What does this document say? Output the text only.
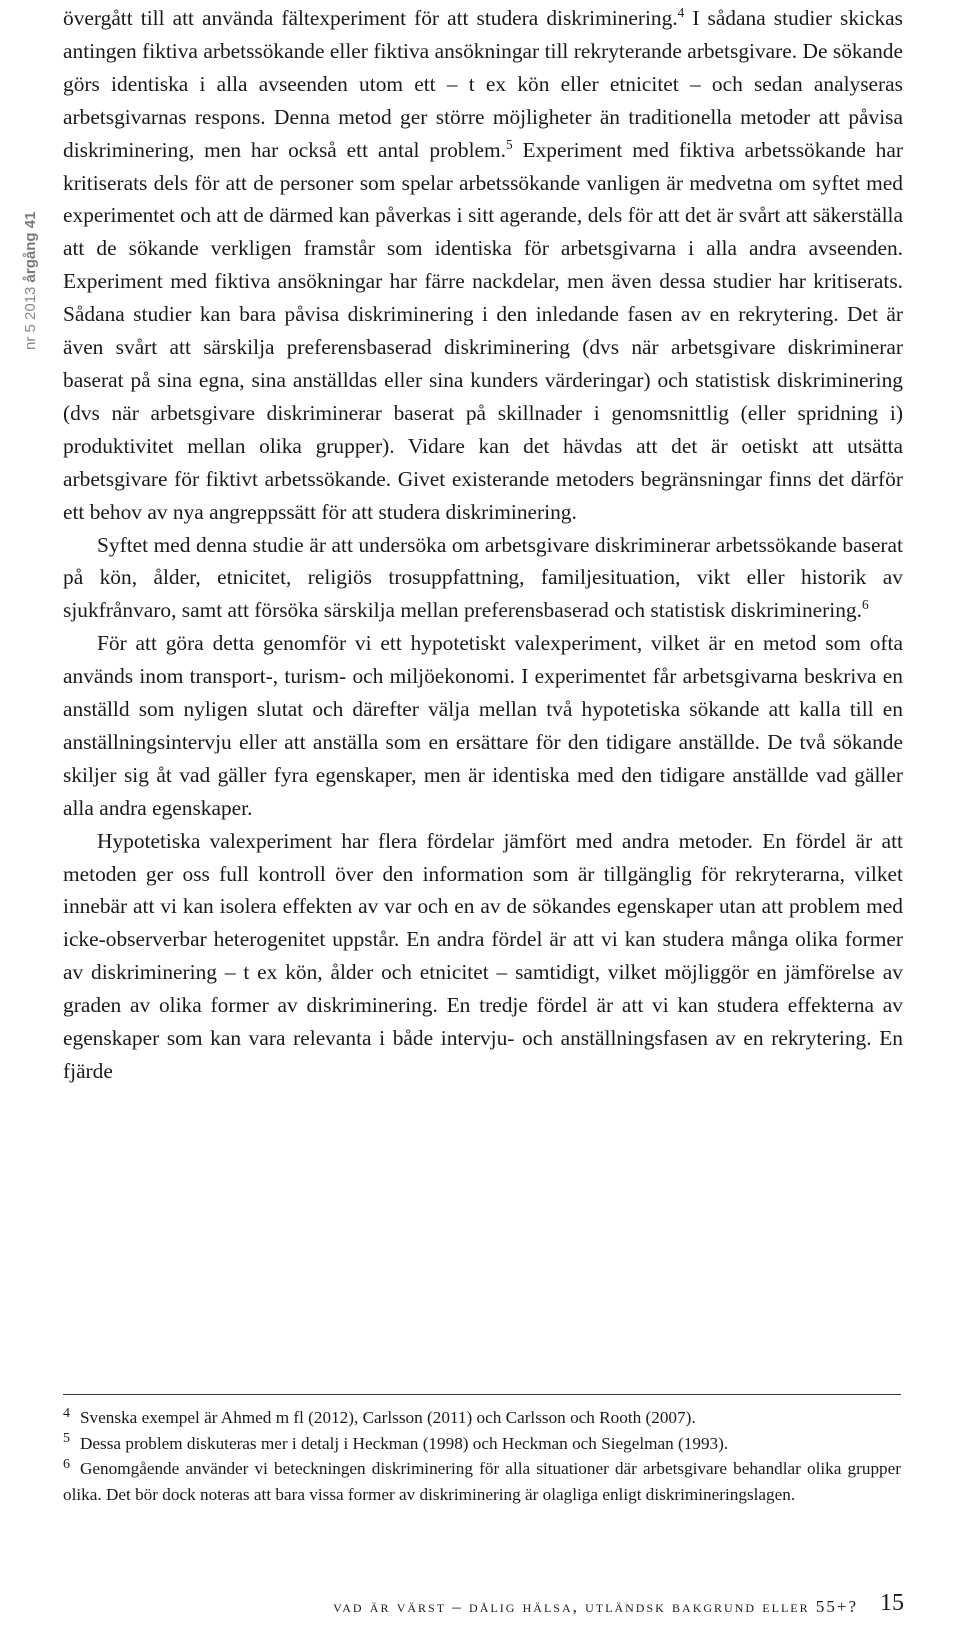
nr 5 2013 årgång 41

övergått till att använda fältexperiment för att studera diskriminering.$^4$ I sådana studier skickas antingen fiktiva arbetssökande eller fiktiva ansökningar till rekryterande arbetsgivare. De sökande görs identiska i alla avseenden utom ett – t ex kön eller etnicitet – och sedan analyseras arbetsgivarnas respons. Denna metod ger större möjligheter än traditionella metoder att påvisa diskriminering, men har också ett antal problem.$^5$ Experiment med fiktiva arbetssökande har kritiserats dels för att de personer som spelar arbetssökande vanligen är medvetna om syftet med experimentet och att de därmed kan påverkas i sitt agerande, dels för att det är svårt att säkerställa att de sökande verkligen framstår som identiska för arbetsgivarna i alla andra avseenden. Experiment med fiktiva ansökningar har färre nackdelar, men även dessa studier har kritiserats. Sådana studier kan bara påvisa diskriminering i den inledande fasen av en rekrytering. Det är även svårt att särskilja preferensbaserad diskriminering (dvs när arbetsgivare diskriminerar baserat på sina egna, sina anställdas eller sina kunders värderingar) och statistisk diskriminering (dvs när arbetsgivare diskriminerar baserat på skillnader i genomsnittlig (eller spridning i) produktivitet mellan olika grupper). Vidare kan det hävdas att det är oetiskt att utsätta arbetsgivare för fiktivt arbetssökande. Givet existerande metoders begränsningar finns det därför ett behov av nya angreppssätt för att studera diskriminering.

Syftet med denna studie är att undersöka om arbetsgivare diskriminerar arbetssökande baserat på kön, ålder, etnicitet, religiös trosuppfattning, familjesituation, vikt eller historik av sjukfrånvaro, samt att försöka särskilja mellan preferensbaserad och statistisk diskriminering.$^6$

För att göra detta genomför vi ett hypotetiskt valexperiment, vilket är en metod som ofta används inom transport-, turism- och miljöekonomi. I experimentet får arbetsgivarna beskriva en anställd som nyligen slutat och därefter välja mellan två hypotetiska sökande att kalla till en anställningsintervju eller att anställa som en ersättare för den tidigare anställde. De två sökande skiljer sig åt vad gäller fyra egenskaper, men är identiska med den tidigare anställde vad gäller alla andra egenskaper.

Hypotetiska valexperiment har flera fördelar jämfört med andra metoder. En fördel är att metoden ger oss full kontroll över den information som är tillgänglig för rekryterarna, vilket innebär att vi kan isolera effekten av var och en av de sökandes egenskaper utan att problem med icke-observerbar heterogenitet uppstår. En andra fördel är att vi kan studera många olika former av diskriminering – t ex kön, ålder och etnicitet – samtidigt, vilket möjliggör en jämförelse av graden av olika former av diskriminering. En tredje fördel är att vi kan studera effekterna av egenskaper som kan vara relevanta i både intervju- och anställningsfasen av en rekrytering. En fjärde

4 Svenska exempel är Ahmed m fl (2012), Carlsson (2011) och Carlsson och Rooth (2007).

5 Dessa problem diskuteras mer i detalj i Heckman (1998) och Heckman och Siegelman (1993).

6 Genomgående använder vi beteckningen diskriminering för alla situationer där arbetsgivare behandlar olika grupper olika. Det bör dock noteras att bara vissa former av diskriminering är olagliga enligt diskrimineringslagen.

vad är värst – dålig hälsa, utländsk bakgrund eller 55+? 15
